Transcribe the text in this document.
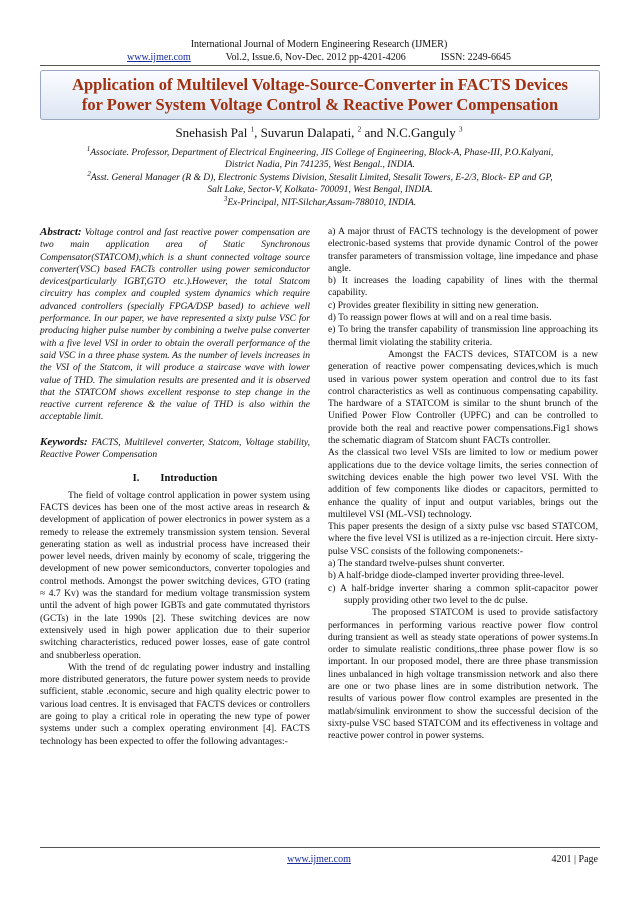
International Journal of Modern Engineering Research (IJMER)
www.ijmer.com	Vol.2, Issue.6, Nov-Dec. 2012 pp-4201-4206	ISSN: 2249-6645
Application of Multilevel Voltage-Source-Converter in FACTS Devices
for Power System Voltage Control & Reactive Power Compensation
Snehasish Pal $^1$, Suvarun Dalapati, $^2$ and N.C.Ganguly $^3$
$^1$Associate. Professor, Department of Electrical Engineering, JIS College of Engineering, Block-A, Phase-III, P.O.Kalyani,
District Nadia, Pin 741235, West Bengal., INDIA.
$^2$Asst. General Manager (R & D), Electronic Systems Division, Stesalit Limited, Stesalit Towers, E-2/3, Block- EP and GP,
Salt Lake, Sector-V, Kolkata- 700091, West Bengal, INDIA.
$^3$Ex-Principal, NIT-Silchar,Assam-788010, INDIA.

Abstract: Voltage control and fast reactive power compensation are two main application area of Static Synchronous Compensator(STATCOM),which is a shunt connected voltage source converter(VSC) based FACTs controller using power semiconductor devices(particularly IGBT,GTO etc.).However, the total Statcom circuitry has complex and coupled system dynamics which require advanced controllers (specially FPGA/DSP based) to achieve well performance. In our paper, we have represented a sixty pulse VSC for producing higher pulse number by combining a twelve pulse converter with a five level VSI in order to obtain the overall performance of the said VSC in a three phase system. As the number of levels increases in the VSI of the Statcom, it will produce a staircase wave with lower value of THD. The simulation results are presented and it is observed that the STATCOM shows excellent response to step change in the reactive current reference & the value of THD is also within the acceptable limit.

Keywords: FACTS, Multilevel converter, Statcom, Voltage stability, Reactive Power Compensation

I.        Introduction

The field of voltage control application in power system using FACTS devices has been one of the most active areas in research & development of application of power electronics in power system as a remedy to release the extremely transmission system tension. Several generating station as well as industrial process have increased their power level needs, driven mainly by economy of scale, triggering the development of new power semiconductors, converter topologies and control methods. Amongst the power switching devices, GTO (rating ≈ 4.7 Kv) was the standard for medium voltage transmission system until the advent of high power IGBTs and gate commutated thyristors (GCTs) in the late 1990s [2]. These switching devices are now extensively used in high power application due to their superior switching characteristics, reduced power losses, ease of gate control and snubberless operation.

With the trend of dc regulating power industry and installing more distributed generators, the future power system needs to provide sufficient, stable .economic, secure and high quality electric power to various load centres. It is envisaged that FACTS devices or controllers are going to play a critical role in operating the new type of power systems under such a complex operating environment [4]. FACTS technology has been expected to offer the following advantages:-

a) A major thrust of FACTS technology is the development of power electronic-based systems that provide dynamic Control of the power transfer parameters of transmission voltage, line impedance and phase angle.

b) It increases the loading capability of lines with the thermal capability.

c) Provides greater flexibility in sitting new generation.

d) To reassign power flows at will and on a real time basis.

e) To bring the transfer capability of transmission line approaching its thermal limit violating the stability criteria.

Amongst the FACTS devices, STATCOM is a new generation of reactive power compensating devices,which is much used in various power system operation and control due to its fast control characteristics as well as continuous compensating capability. The hardware of a STATCOM is similar to the shunt brunch of the Unified Power Flow Controller (UPFC) and can be controlled to provide both the real and reactive power compensations.Fig1 shows the schematic diagram of Statcom shunt FACTs controller.

As the classical two level VSIs are limited to low or medium power applications due to the device voltage limits, the series connection of switching devices enable the high power two level VSI. With the addition of few components like diodes or capacitors, permitted to enhance the quality of input and output variables, brings out the multilevel VSI (ML-VSI) technology.

This paper presents the design of a sixty pulse vsc based STATCOM, where the five level VSI is utilized as a re-injection circuit. Here sixty-pulse VSC consists of the following componenets:-

a) The standard twelve-pulses shunt converter.

b) A half-bridge diode-clamped inverter providing three-level.

c) A half-bridge inverter sharing a common split-capacitor power supply providing other two level to the dc pulse.

The proposed STATCOM is used to provide satisfactory performances in performing various reactive power flow control during transient as well as steady state operations of power systems.In order to simulate realistic conditions,.three phase power flow is so important. In our proposed model, there are three phase transmission lines unbalanced in high voltage transmission network and also there are one or two phase lines are in some distribution network. The results of various power flow control examples are presented in the matlab/simulink environment to show the successful decision of the sixty-pulse VSC based STATCOM and its effectiveness in voltage and reactive power control in power systems.

www.ijmer.com	4201 | Page
